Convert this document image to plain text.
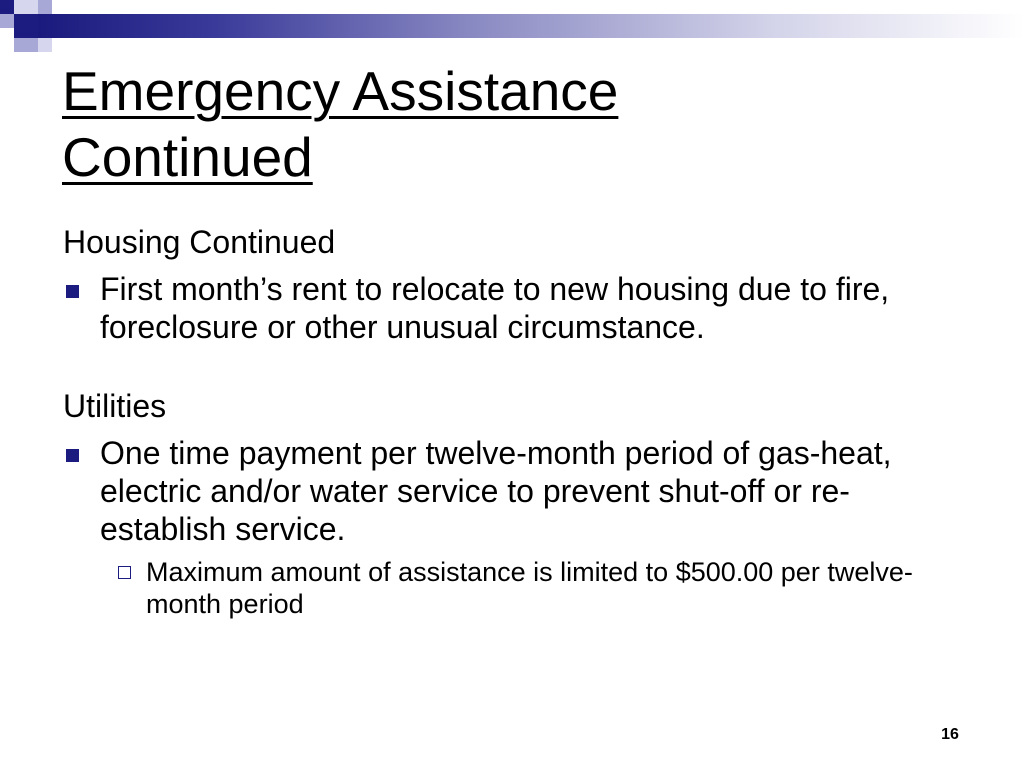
Emergency Assistance
Continued

Housing Continued

First month’s rent to relocate to new housing due to fire, foreclosure or other unusual circumstance.

Utilities

One time payment per twelve-month period of gas-heat, electric and/or water service to prevent shut-off or re-establish service.
Maximum amount of assistance is limited to $500.00 per twelve-month period
16
